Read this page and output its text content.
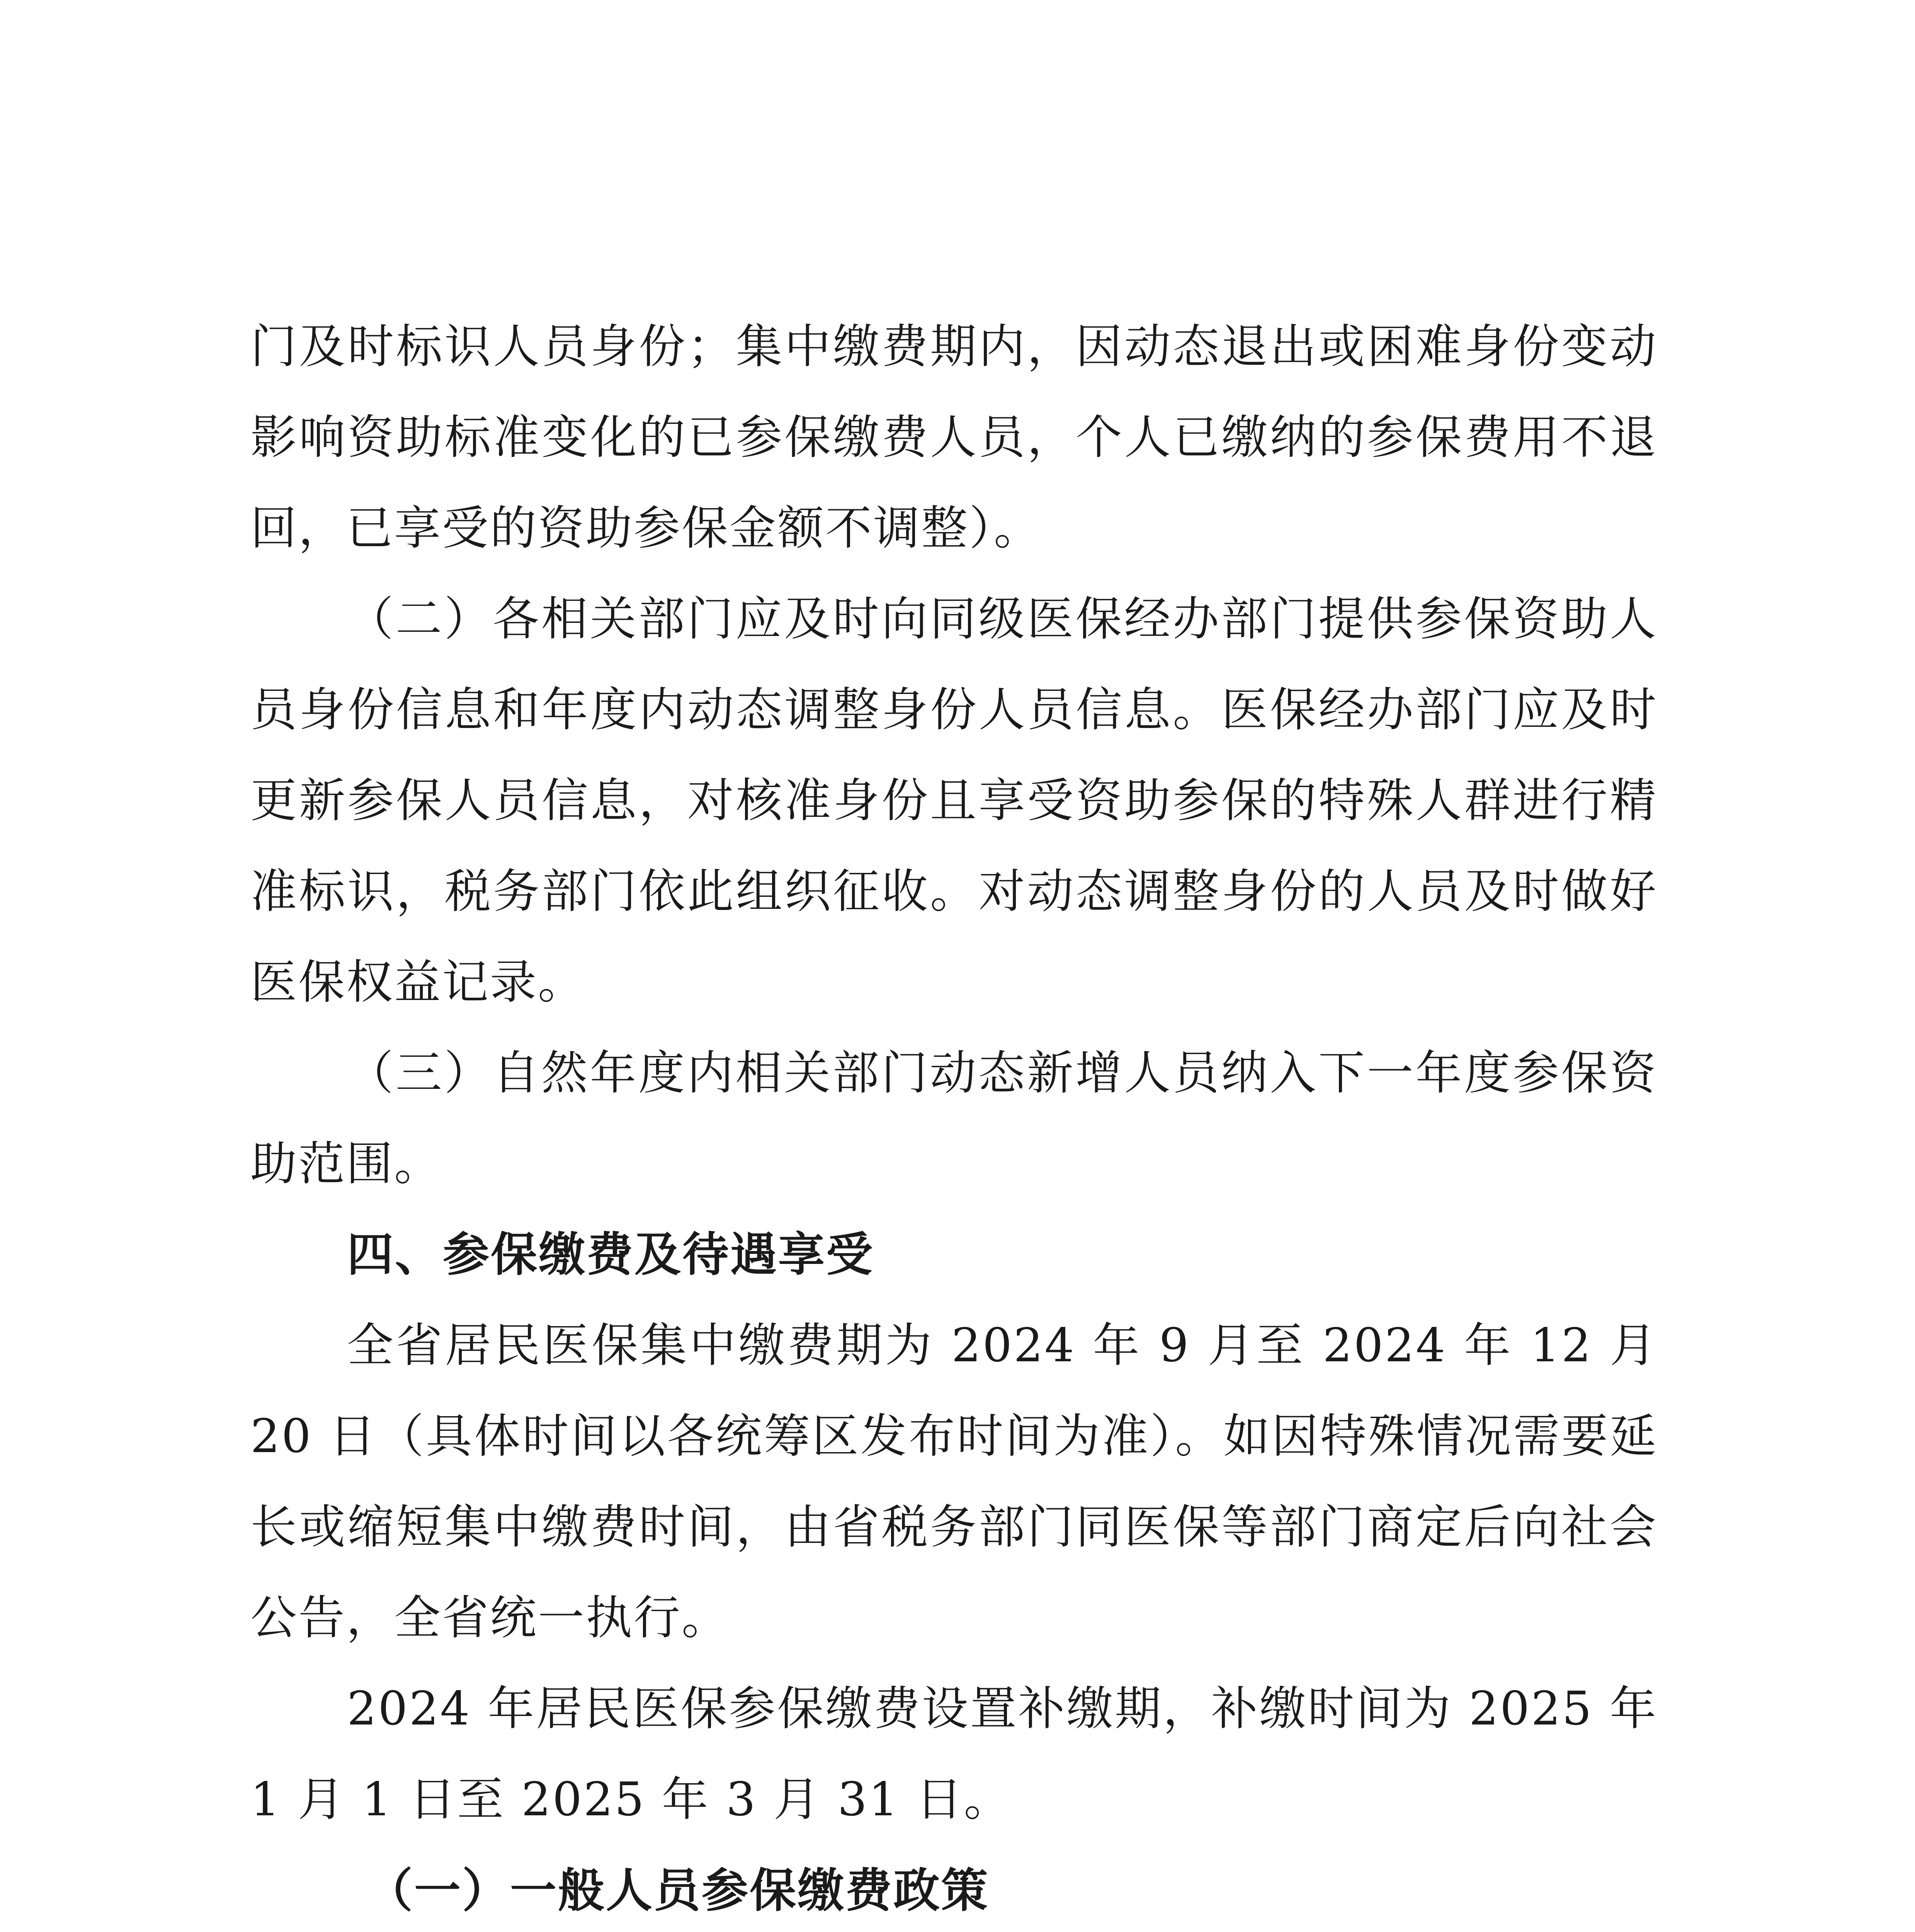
门及时标识人员身份；集中缴费期内，因动态退出或困难身份变动影响资助标准变化的已参保缴费人员，个人已缴纳的参保费用不退回，已享受的资助参保金额不调整）。

（二）各相关部门应及时向同级医保经办部门提供参保资助人员身份信息和年度内动态调整身份人员信息。医保经办部门应及时更新参保人员信息，对核准身份且享受资助参保的特殊人群进行精准标识，税务部门依此组织征收。对动态调整身份的人员及时做好医保权益记录。

（三）自然年度内相关部门动态新增人员纳入下一年度参保资助范围。

四、参保缴费及待遇享受

全省居民医保集中缴费期为 2024 年 9 月至 2024 年 12 月 20 日（具体时间以各统筹区发布时间为准）。如因特殊情况需要延长或缩短集中缴费时间，由省税务部门同医保等部门商定后向社会公告，全省统一执行。

2024 年居民医保参保缴费设置补缴期，补缴时间为 2025 年 1 月 1 日至 2025 年 3 月 31 日。

（一）一般人员参保缴费政策
